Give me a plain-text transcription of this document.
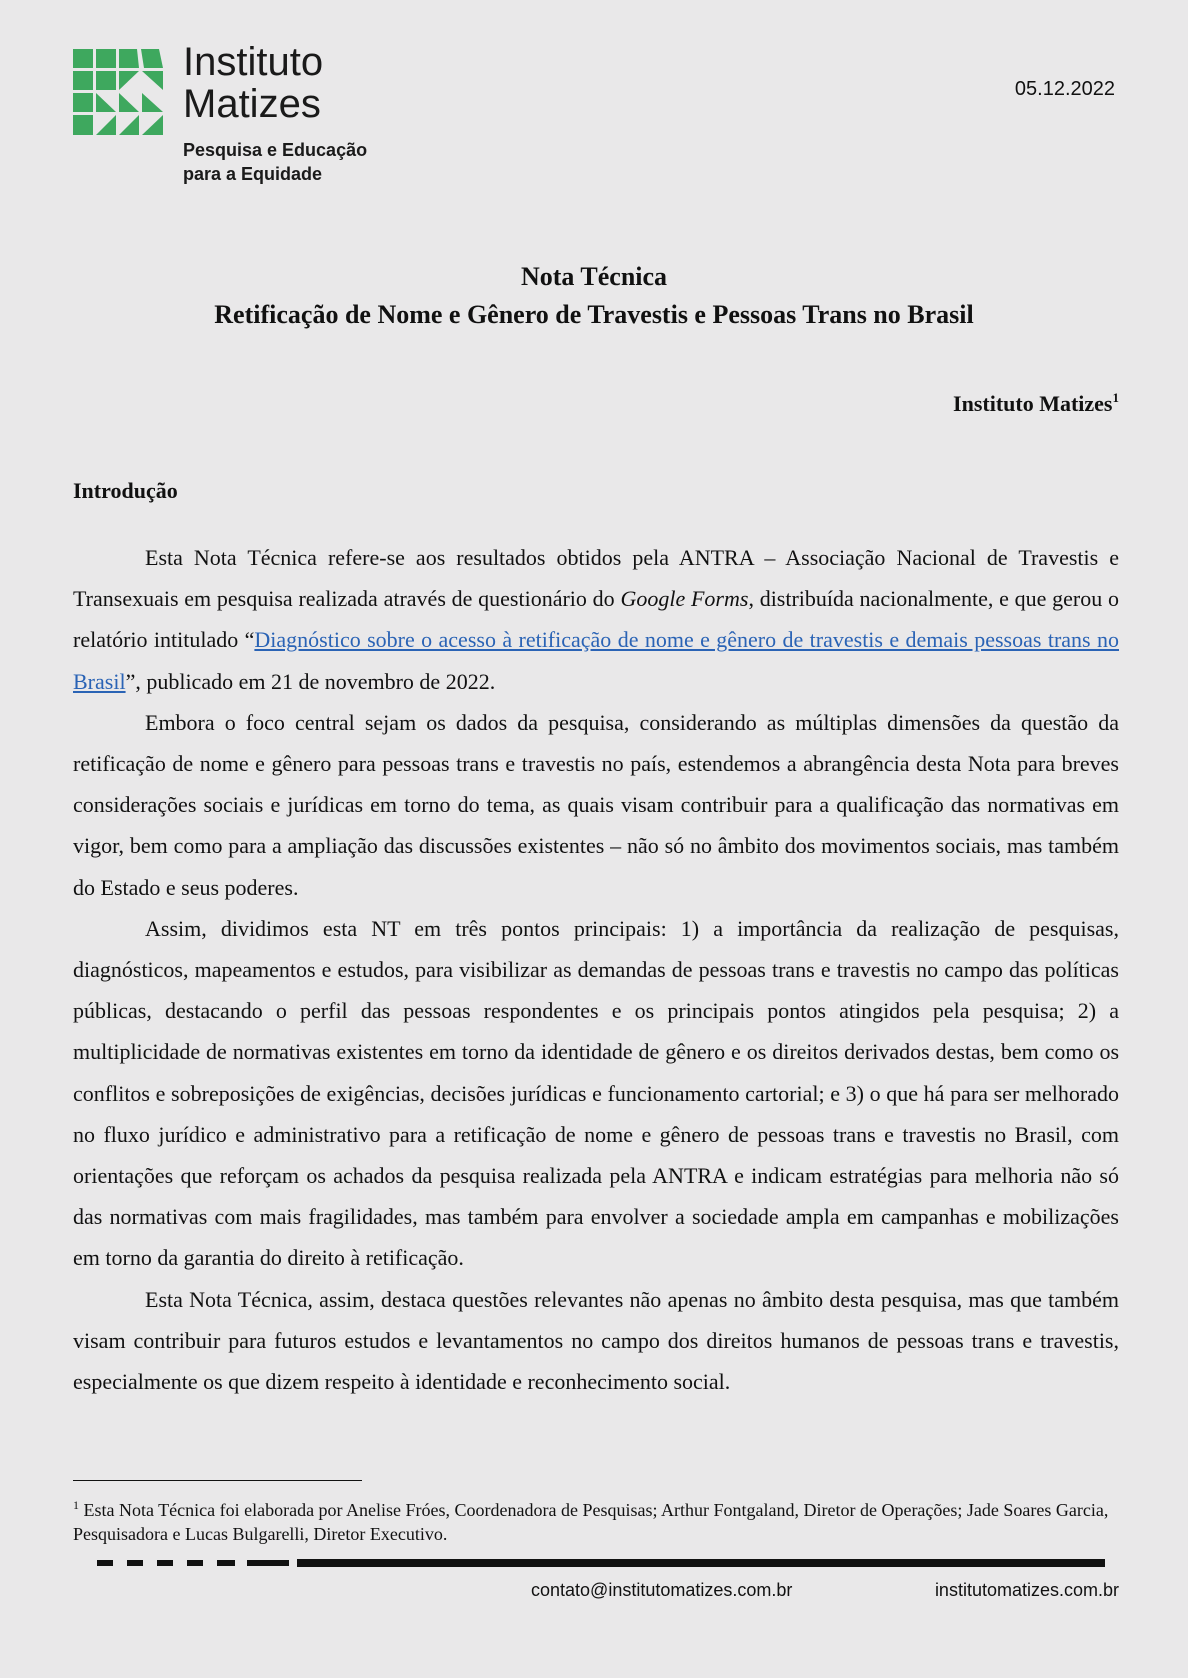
Instituto
Matizes
Pesquisa e Educação
para a Equidade
05.12.2022
Nota Técnica
Retificação de Nome e Gênero de Travestis e Pessoas Trans no Brasil
Instituto Matizes$^1$
Introdução

Esta Nota Técnica refere-se aos resultados obtidos pela ANTRA – Associação Nacional de Travestis e Transexuais em pesquisa realizada através de questionário do Google Forms, distribuída nacionalmente, e que gerou o relatório intitulado “Diagnóstico sobre o acesso à retificação de nome e gênero de travestis e demais pessoas trans no Brasil”, publicado em 21 de novembro de 2022.

Embora o foco central sejam os dados da pesquisa, considerando as múltiplas dimensões da questão da retificação de nome e gênero para pessoas trans e travestis no país, estendemos a abrangência desta Nota para breves considerações sociais e jurídicas em torno do tema, as quais visam contribuir para a qualificação das normativas em vigor, bem como para a ampliação das discussões existentes – não só no âmbito dos movimentos sociais, mas também do Estado e seus poderes.

Assim, dividimos esta NT em três pontos principais: 1) a importância da realização de pesquisas, diagnósticos, mapeamentos e estudos, para visibilizar as demandas de pessoas trans e travestis no campo das políticas públicas, destacando o perfil das pessoas respondentes e os principais pontos atingidos pela pesquisa; 2) a multiplicidade de normativas existentes em torno da identidade de gênero e os direitos derivados destas, bem como os conflitos e sobreposições de exigências, decisões jurídicas e funcionamento cartorial; e 3) o que há para ser melhorado no fluxo jurídico e administrativo para a retificação de nome e gênero de pessoas trans e travestis no Brasil, com orientações que reforçam os achados da pesquisa realizada pela ANTRA e indicam estratégias para melhoria não só das normativas com mais fragilidades, mas também para envolver a sociedade ampla em campanhas e mobilizações em torno da garantia do direito à retificação.

Esta Nota Técnica, assim, destaca questões relevantes não apenas no âmbito desta pesquisa, mas que também visam contribuir para futuros estudos e levantamentos no campo dos direitos humanos de pessoas trans e travestis, especialmente os que dizem respeito à identidade e reconhecimento social.

$^1$ Esta Nota Técnica foi elaborada por Anelise Fróes, Coordenadora de Pesquisas; Arthur Fontgaland, Diretor de Operações; Jade Soares Garcia, Pesquisadora e Lucas Bulgarelli, Diretor Executivo.
contato@institutomatizes.com.br	institutomatizes.com.br
